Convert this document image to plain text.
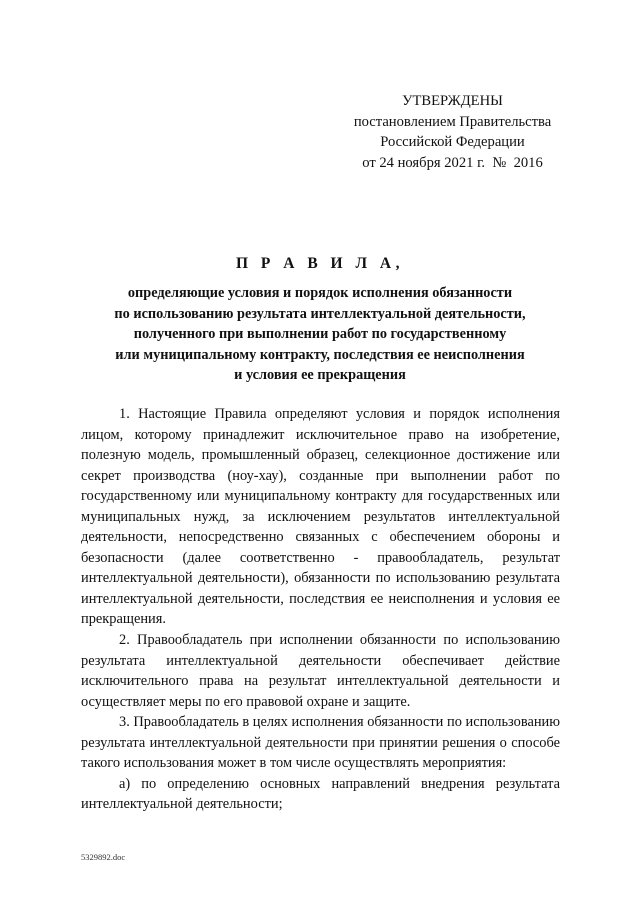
УТВЕРЖДЕНЫ
постановлением Правительства
Российской Федерации
от 24 ноября 2021 г.  №  2016
П Р А В И Л А,
определяющие условия и порядок исполнения обязанности
по использованию результата интеллектуальной деятельности,
полученного при выполнении работ по государственному
или муниципальному контракту, последствия ее неисполнения
и условия ее прекращения

1. Настоящие Правила определяют условия и порядок исполнения лицом, которому принадлежит исключительное право на изобретение, полезную модель, промышленный образец, селекционное достижение или секрет производства (ноу-хау), созданные при выполнении работ по государственному или муниципальному контракту для государственных или муниципальных нужд, за исключением результатов интеллектуальной деятельности, непосредственно связанных с обеспечением обороны и безопасности (далее соответственно - правообладатель, результат интеллектуальной деятельности), обязанности по использованию результата интеллектуальной деятельности, последствия ее неисполнения и условия ее прекращения.

2. Правообладатель при исполнении обязанности по использованию результата интеллектуальной деятельности обеспечивает действие исключительного права на результат интеллектуальной деятельности и осуществляет меры по его правовой охране и защите.

3. Правообладатель в целях исполнения обязанности по использованию результата интеллектуальной деятельности при принятии решения о способе такого использования может в том числе осуществлять мероприятия:

а) по определению основных направлений внедрения результата интеллектуальной деятельности;

5329892.doc
